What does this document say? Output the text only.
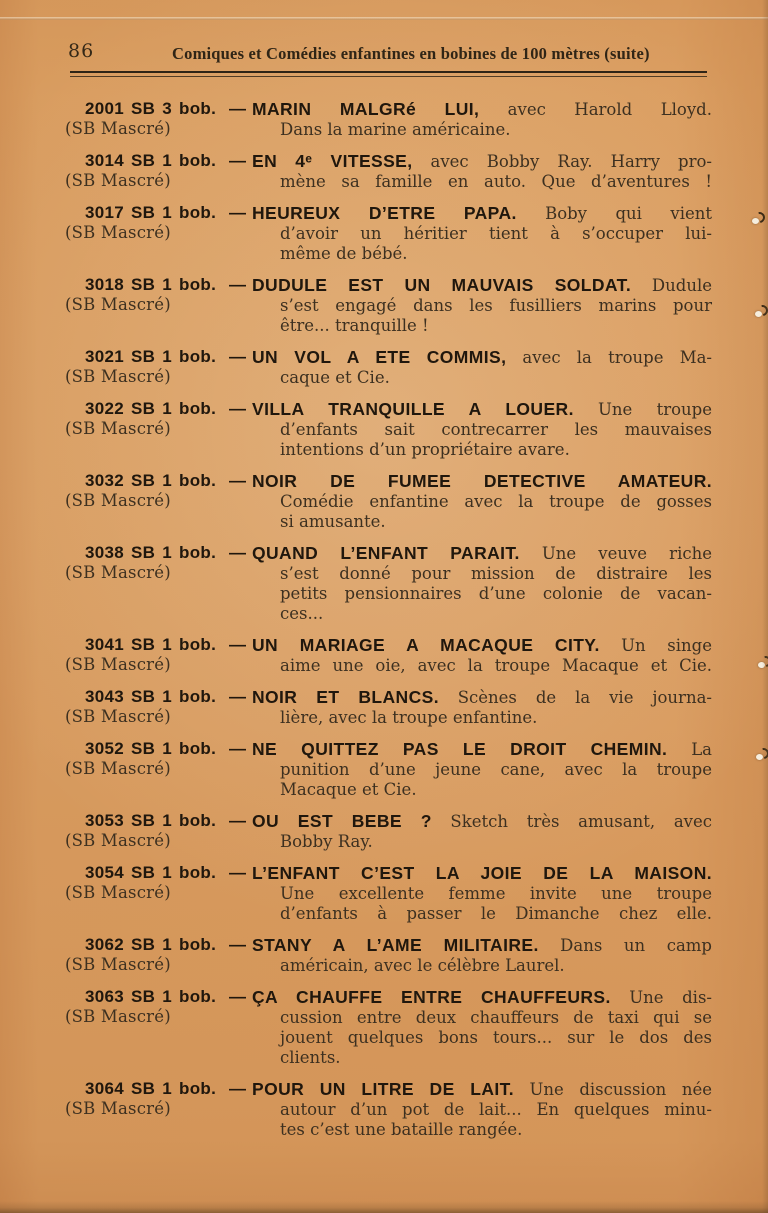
86	Comiques et Comédies enfantines en bobines de 100 mètres (suite)
2001 SB 3 bob.
(SB Mascré)
— MARIN MALGRé LUI, avec Harold Lloyd.
Dans la marine américaine.
3014 SB 1 bob.
(SB Mascré)
— EN 4ᵉ VITESSE, avec Bobby Ray. Harry pro-
mène sa famille en auto. Que d’aventures !
3017 SB 1 bob.
(SB Mascré)
— HEUREUX D’ETRE PAPA. Boby qui vient
d’avoir un héritier tient à s’occuper lui-
même de bébé.
3018 SB 1 bob.
(SB Mascré)
— DUDULE EST UN MAUVAIS SOLDAT. Dudule
s’est engagé dans les fusilliers marins pour
être... tranquille !
3021 SB 1 bob.
(SB Mascré)
— UN VOL A ETE COMMIS, avec la troupe Ma-
caque et Cie.
3022 SB 1 bob.
(SB Mascré)
— VILLA TRANQUILLE A LOUER. Une troupe
d’enfants sait contrecarrer les mauvaises
intentions d’un propriétaire avare.
3032 SB 1 bob.
(SB Mascré)
— NOIR DE FUMEE DETECTIVE AMATEUR.
Comédie enfantine avec la troupe de gosses
si amusante.
3038 SB 1 bob.
(SB Mascré)
— QUAND L’ENFANT PARAIT. Une veuve riche
s’est donné pour mission de distraire les
petits pensionnaires d’une colonie de vacan-
ces...
3041 SB 1 bob.
(SB Mascré)
— UN MARIAGE A MACAQUE CITY. Un singe
aime une oie, avec la troupe Macaque et Cie.
3043 SB 1 bob.
(SB Mascré)
— NOIR ET BLANCS. Scènes de la vie journa-
lière, avec la troupe enfantine.
3052 SB 1 bob.
(SB Mascré)
— NE QUITTEZ PAS LE DROIT CHEMIN. La
punition d’une jeune cane, avec la troupe
Macaque et Cie.
3053 SB 1 bob.
(SB Mascré)
— OU EST BEBE ? Sketch très amusant, avec
Bobby Ray.
3054 SB 1 bob.
(SB Mascré)
— L’ENFANT C’EST LA JOIE DE LA MAISON.
Une excellente femme invite une troupe
d’enfants à passer le Dimanche chez elle.
3062 SB 1 bob.
(SB Mascré)
— STANY A L’AME MILITAIRE. Dans un camp
américain, avec le célèbre Laurel.
3063 SB 1 bob.
(SB Mascré)
— ÇA CHAUFFE ENTRE CHAUFFEURS. Une dis-
cussion entre deux chauffeurs de taxi qui se
jouent quelques bons tours... sur le dos des
clients.
3064 SB 1 bob.
(SB Mascré)
— POUR UN LITRE DE LAIT. Une discussion née
autour d’un pot de lait... En quelques minu-
tes c’est une bataille rangée.
